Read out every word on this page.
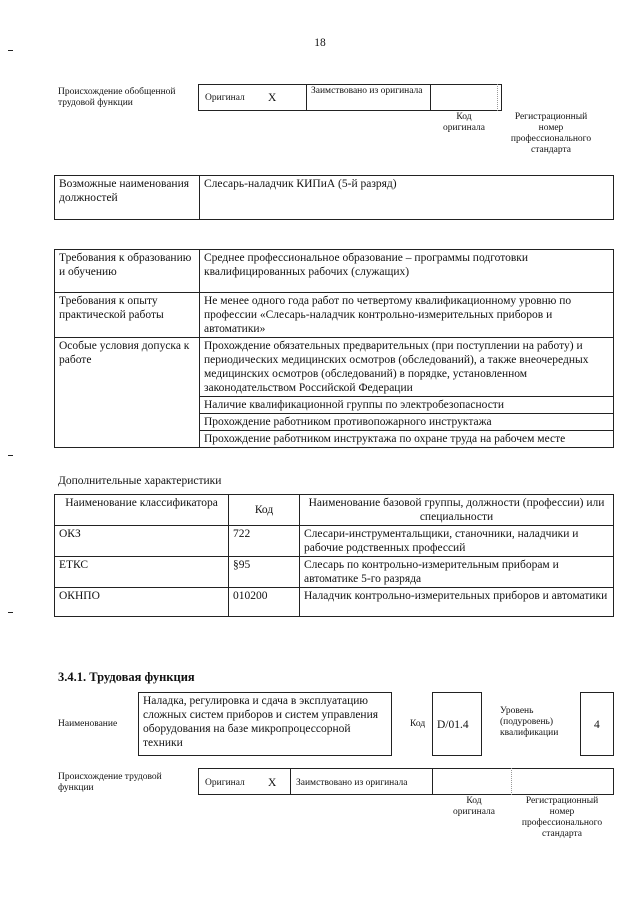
18
Происхождение обобщенной трудовой функции	Оригинал X
Заимствовано из оригинала
Код оригинала
Регистрационный номер профессионального стандарта
Возможные наименования должностей	Слесарь-наладчик КИПиА (5-й разряд)
Требования к образованию и обучению	Среднее профессиональное образование – программы подготовки квалифицированных рабочих (служащих)
Требования к опыту практической работы	Не менее одного года работ по четвертому квалификационному уровню по профессии «Слесарь-наладчик контрольно-измерительных приборов и автоматики»
Особые условия допуска к работе	Прохождение обязательных предварительных (при поступлении на работу) и периодических медицинских осмотров (обследований), а также внеочередных медицинских осмотров (обследований) в порядке, установленном законодательством Российской Федерации
	Наличие квалификационной группы по электробезопасности
	Прохождение работником противопожарного инструктажа
	Прохождение работником инструктажа по охране труда на рабочем месте
Дополнительные характеристики
Наименование классификатора	Код	Наименование базовой группы, должности (профессии) или специальности
ОКЗ	722	Слесари-инструментальщики, станочники, наладчики и рабочие родственных профессий
ЕТКС	§95	Слесарь по контрольно-измерительным приборам и автоматике 5-го разряда
ОКНПО	010200	Наладчик контрольно-измерительных приборов и автоматики
3.4.1. Трудовая функция
Наименование
Наладка, регулировка и сдача в эксплуатацию сложных систем приборов и систем управления оборудования на базе микропроцессорной техники
Код D/01.4
Уровень (подуровень) квалификации
4
Происхождение трудовой функции	Оригинал X Заимствовано из оригинала
Код оригинала
Регистрационный номер профессионального стандарта
